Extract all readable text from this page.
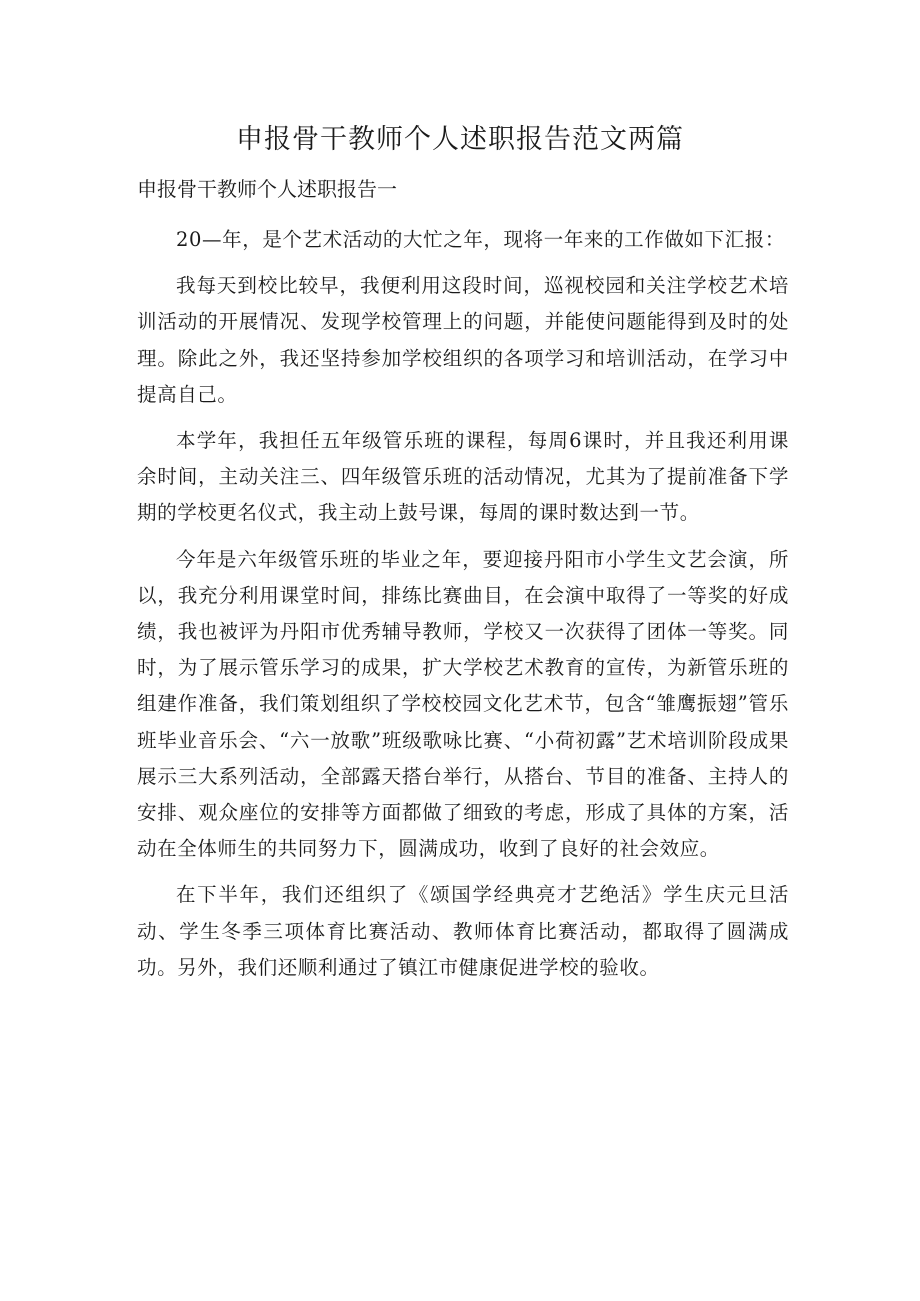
申报骨干教师个人述职报告范文两篇
申报骨干教师个人述职报告一

20—年，是个艺术活动的大忙之年，现将一年来的工作做如下汇报：

我每天到校比较早，我便利用这段时间，巡视校园和关注学校艺术培训活动的开展情况、发现学校管理上的问题，并能使问题能得到及时的处理。除此之外，我还坚持参加学校组织的各项学习和培训活动，在学习中提高自己。

本学年，我担任五年级管乐班的课程，每周6课时，并且我还利用课余时间，主动关注三、四年级管乐班的活动情况，尤其为了提前准备下学期的学校更名仪式，我主动上鼓号课，每周的课时数达到一节。

今年是六年级管乐班的毕业之年，要迎接丹阳市小学生文艺会演，所以，我充分利用课堂时间，排练比赛曲目，在会演中取得了一等奖的好成绩，我也被评为丹阳市优秀辅导教师，学校又一次获得了团体一等奖。同时，为了展示管乐学习的成果，扩大学校艺术教育的宣传，为新管乐班的组建作准备，我们策划组织了学校校园文化艺术节，包含“雏鹰振翅”管乐班毕业音乐会、“六一放歌”班级歌咏比赛、“小荷初露”艺术培训阶段成果展示三大系列活动，全部露天搭台举行，从搭台、节目的准备、主持人的安排、观众座位的安排等方面都做了细致的考虑，形成了具体的方案，活动在全体师生的共同努力下，圆满成功，收到了良好的社会效应。

在下半年，我们还组织了《颂国学经典亮才艺绝活》学生庆元旦活动、学生冬季三项体育比赛活动、教师体育比赛活动，都取得了圆满成功。另外，我们还顺利通过了镇江市健康促进学校的验收。
